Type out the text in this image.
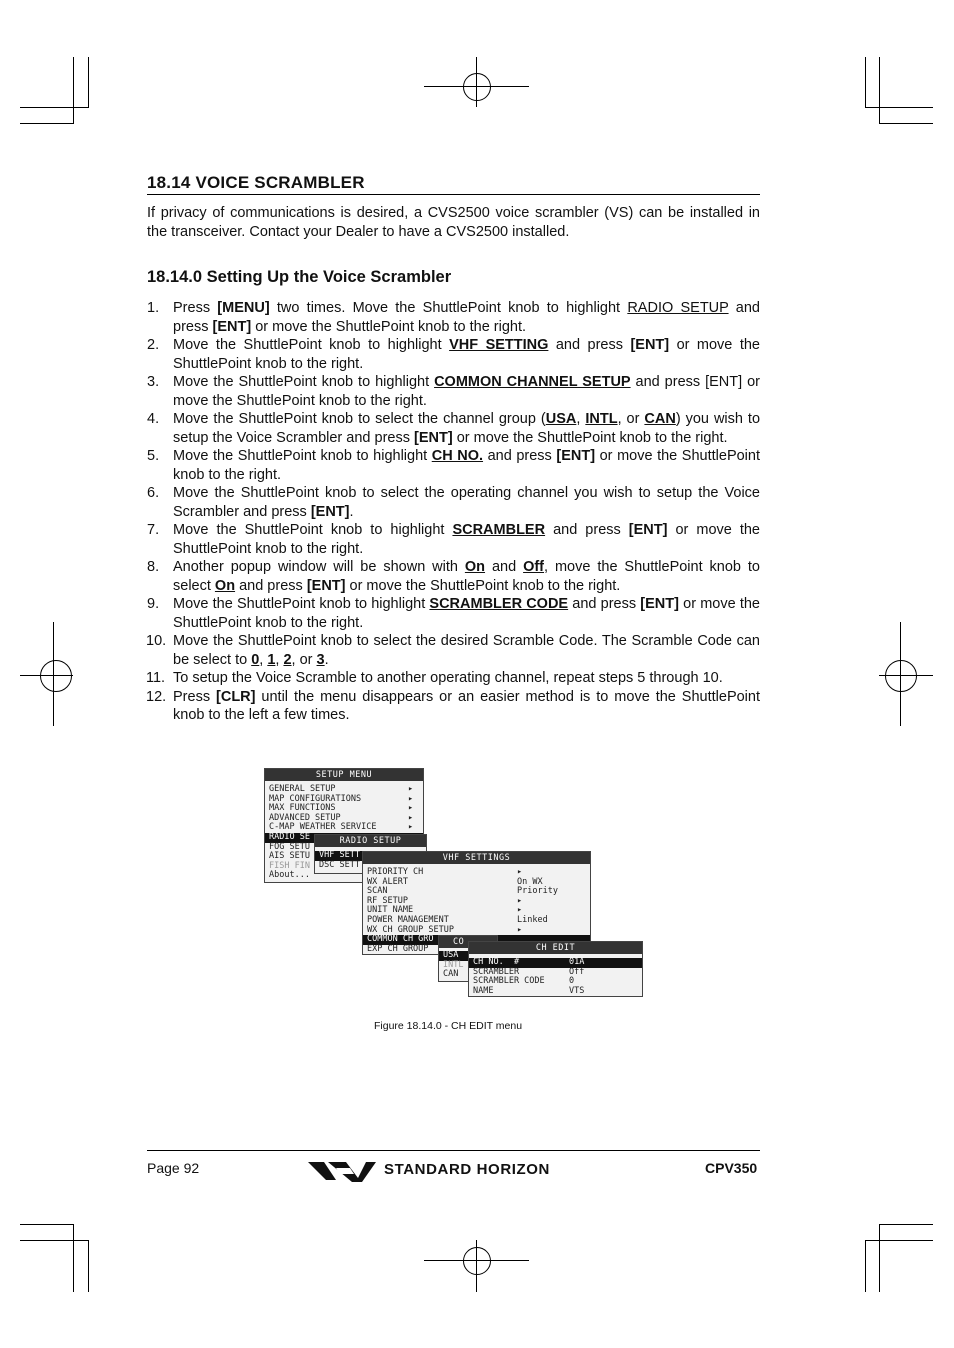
18.14 VOICE SCRAMBLER
If privacy of communications is desired, a CVS2500 voice scrambler (VS) can be installed in the transceiver. Contact your Dealer to have a CVS2500 installed.
18.14.0 Setting Up the Voice Scrambler
1. Press [MENU] two times. Move the ShuttlePoint knob to highlight RADIO SETUP and press [ENT] or move the ShuttlePoint knob to the right.
2. Move the ShuttlePoint knob to highlight VHF SETTING and press [ENT] or move the ShuttlePoint knob to the right.
3. Move the ShuttlePoint knob to highlight COMMON CHANNEL SETUP and press [ENT] or move the ShuttlePoint knob to the right.
4. Move the ShuttlePoint knob to select the channel group (USA, INTL, or CAN) you wish to setup the Voice Scrambler and press [ENT] or move the ShuttlePoint knob to the right.
5. Move the ShuttlePoint knob to highlight CH NO. and press [ENT] or move the ShuttlePoint knob to the right.
6. Move the ShuttlePoint knob to select the operating channel you wish to setup the Voice Scrambler and press [ENT].
7. Move the ShuttlePoint knob to highlight SCRAMBLER and press [ENT] or move the ShuttlePoint knob to the right.
8. Another popup window will be shown with On and Off, move the ShuttlePoint knob to select On and press [ENT] or move the ShuttlePoint knob to the right.
9. Move the ShuttlePoint knob to highlight SCRAMBLER CODE and press [ENT] or move the ShuttlePoint knob to the right.
10. Move the ShuttlePoint knob to select the desired Scramble Code. The Scramble Code can be select to 0, 1, 2, or 3.
11. To setup the Voice Scramble to another operating channel, repeat steps 5 through 10.
12. Press [CLR] until the menu disappears or an easier method is to move the ShuttlePoint knob to the left a few times.
SETUP MENU
GENERAL SETUP	▸
MAP CONFIGURATIONS	▸
MAX FUNCTIONS	▸
ADVANCED SETUP	▸
C-MAP WEATHER SERVICE	▸
RADIO SE
FOG SETU
AIS SETU
FISH FIN
About...
RADIO SETUP
VHF SETT
DSC SETT
VHF SETTINGS
PRIORITY CH	▸
WX ALERT	On WX
SCAN	Priority
RF SETUP	▸
UNIT NAME	▸
POWER MANAGEMENT	Linked
WX CH GROUP SETUP	▸
COMMON CH GRO
EXP CH GROUP
CO
USA
INTL
CAN
CH EDIT
CH NO.  #	01A
SCRAMBLER	Off
SCRAMBLER CODE	0
NAME	VTS
Figure 18.14.0 - CH EDIT menu
Page 92	STANDARD HORIZON	CPV350
